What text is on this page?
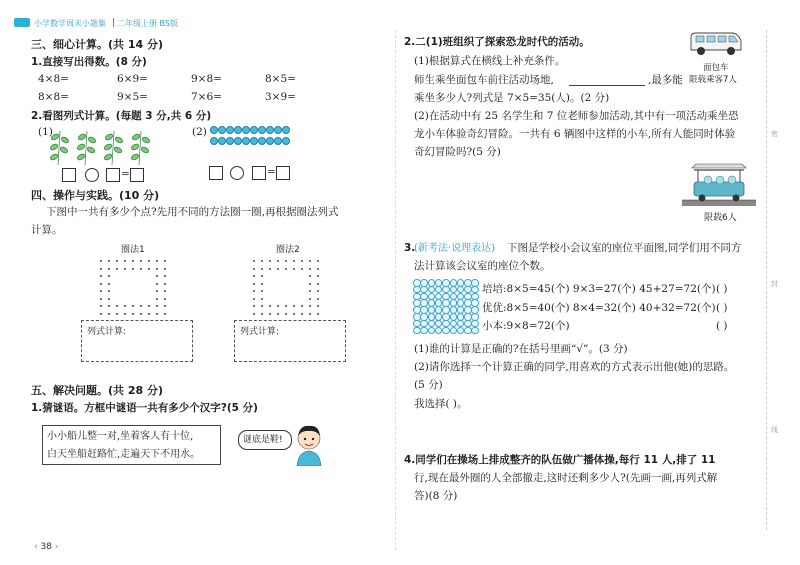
小学数学周末小题集 二年级上册 BS版
三、细心计算。(共 14 分)
1.直接写出得数。(8 分)
4×8=	6×9=	9×8=	8×5=
8×8=	9×5=	7×6=	3×9=
2.看图列式计算。(每题 3 分,共 6 分)
(1)	(2)
=	=
四、操作与实践。(10 分)
下图中一共有多少个点?先用不同的方法圈一圈,再根据圈法列式
计算。
圈法1	圈法2
列式计算:	列式计算:
五、解决问题。(共 28 分)
1.猜谜语。方框中谜语一共有多少个汉字?(5 分)
小小船儿整一对,坐着客人有十位,
白天坐船赶路忙,走遍天下不用水。
谜底是鞋!
‹ 38 ›
2.二(1)班组织了探索恐龙时代的活动。
(1)根据算式在横线上补充条件。
师生乘坐面包车前往活动场地,	,最多能
乘坐多少人?列式是 7×5=35(人)。(2 分)
(2)在活动中有 25 名学生和 7 位老师参加活动,其中有一项活动乘坐恐
龙小车体验奇幻冒险。一共有 6 辆图中这样的小车,所有人能同时体验
奇幻冒险吗?(5 分)
面包车
限载乘客7人
限载6人
3.
(新考法·说理表达) 下图是学校小会议室的座位平面图,同学们用不同方
法计算该会议室的座位个数。
培培:8×5=45(个) 9×3=27(个) 45+27=72(个) ( )
优优:8×5=40(个) 8×4=32(个) 40+32=72(个) ( )
小本:9×8=72(个)	( )
(1)谁的计算是正确的?在括号里画“√”。(3 分)
(2)请你选择一个计算正确的同学,用喜欢的方式表示出他(她)的思路。
(5 分)
我选择( )。
4.同学们在操场上排成整齐的队伍做广播体操,每行 11 人,排了 11
行,现在最外圈的人全部撤走,这时还剩多少人?(先画一画,再列式解
答)(8 分)
密
封
线
